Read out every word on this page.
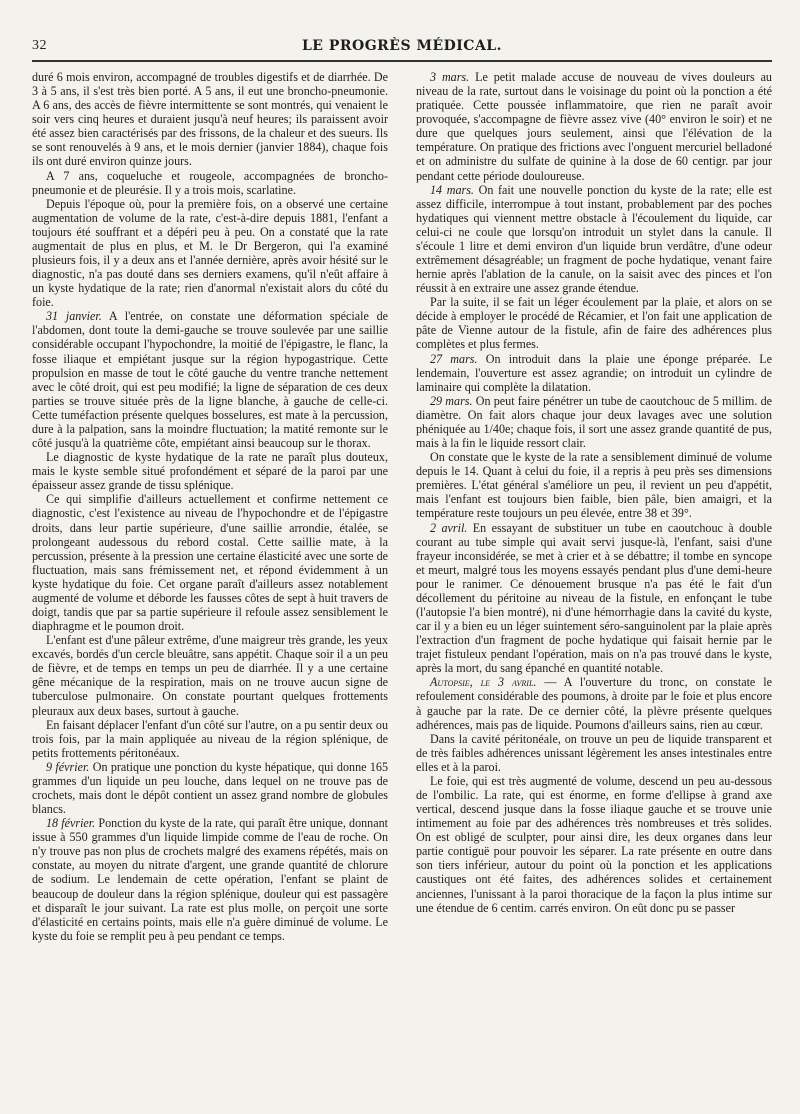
32	LE PROGRÈS MÉDICAL.

duré 6 mois environ, accompagné de troubles digestifs et de diarrhée. De 3 à 5 ans, il s'est très bien porté. A 5 ans, il eut une broncho-pneumonie. A 6 ans, des accès de fièvre intermittente se sont montrés, qui venaient le soir vers cinq heures et duraient jusqu'à neuf heures; ils paraissent avoir été assez bien caractérisés par des frissons, de la chaleur et des sueurs. Ils se sont renouvelés à 9 ans, et le mois dernier (janvier 1884), chaque fois ils ont duré environ quinze jours.

A 7 ans, coqueluche et rougeole, accompagnées de broncho-pneumonie et de pleurésie. Il y a trois mois, scarlatine.

Depuis l'époque où, pour la première fois, on a observé une certaine augmentation de volume de la rate, c'est-à-dire depuis 1881, l'enfant a toujours été souffrant et a dépéri peu à peu. On a constaté que la rate augmentait de plus en plus, et M. le Dr Bergeron, qui l'a examiné plusieurs fois, il y a deux ans et l'année dernière, après avoir hésité sur le diagnostic, n'a pas douté dans ses derniers examens, qu'il n'eût affaire à un kyste hydatique de la rate; rien d'anormal n'existait alors du côté du foie.

31 janvier. A l'entrée, on constate une déformation spéciale de l'abdomen, dont toute la demi-gauche se trouve soulevée par une saillie considérable occupant l'hypochondre, la moitié de l'épigastre, le flanc, la fosse iliaque et empiétant jusque sur la région hypogastrique. Cette propulsion en masse de tout le côté gauche du ventre tranche nettement avec le côté droit, qui est peu modifié; la ligne de séparation de ces deux parties se trouve située près de la ligne blanche, à gauche de celle-ci. Cette tuméfaction présente quelques bosselures, est mate à la percussion, dure à la palpation, sans la moindre fluctuation; la matité remonte sur le côté jusqu'à la quatrième côte, empiétant ainsi beaucoup sur le thorax.

Le diagnostic de kyste hydatique de la rate ne paraît plus douteux, mais le kyste semble situé profondément et séparé de la paroi par une épaisseur assez grande de tissu splénique.

Ce qui simplifie d'ailleurs actuellement et confirme nettement ce diagnostic, c'est l'existence au niveau de l'hypochondre et de l'épigastre droits, dans leur partie supérieure, d'une saillie arrondie, étalée, se prolongeant audessous du rebord costal. Cette saillie mate, à la percussion, présente à la pression une certaine élasticité avec une sorte de fluctuation, mais sans frémissement net, et répond évidemment à un kyste hydatique du foie. Cet organe paraît d'ailleurs assez notablement augmenté de volume et déborde les fausses côtes de sept à huit travers de doigt, tandis que par sa partie supérieure il refoule assez sensiblement le diaphragme et le poumon droit.

L'enfant est d'une pâleur extrême, d'une maigreur très grande, les yeux excavés, bordés d'un cercle bleuâtre, sans appétit. Chaque soir il a un peu de fièvre, et de temps en temps un peu de diarrhée. Il y a une certaine gêne mécanique de la respiration, mais on ne trouve aucun signe de tuberculose pulmonaire. On constate pourtant quelques frottements pleuraux aux deux bases, surtout à gauche.

En faisant déplacer l'enfant d'un côté sur l'autre, on a pu sentir deux ou trois fois, par la main appliquée au niveau de la région splénique, de petits frottements péritonéaux.

9 février. On pratique une ponction du kyste hépatique, qui donne 165 grammes d'un liquide un peu louche, dans lequel on ne trouve pas de crochets, mais dont le dépôt contient un assez grand nombre de globules blancs.

18 février. Ponction du kyste de la rate, qui paraît être unique, donnant issue à 550 grammes d'un liquide limpide comme de l'eau de roche. On n'y trouve pas non plus de crochets malgré des examens répétés, mais on constate, au moyen du nitrate d'argent, une grande quantité de chlorure de sodium. Le lendemain de cette opération, l'enfant se plaint de beaucoup de douleur dans la région splénique, douleur qui est passagère et disparaît le jour suivant. La rate est plus molle, on perçoit une sorte d'élasticité en certains points, mais elle n'a guère diminué de volume. Le kyste du foie se remplit peu à peu pendant ce temps.

3 mars. Le petit malade accuse de nouveau de vives douleurs au niveau de la rate, surtout dans le voisinage du point où la ponction a été pratiquée. Cette poussée inflammatoire, que rien ne paraît avoir provoquée, s'accompagne de fièvre assez vive (40° environ le soir) et ne dure que quelques jours seulement, ainsi que l'élévation de la température. On pratique des frictions avec l'onguent mercuriel belladoné et on administre du sulfate de quinine à la dose de 60 centigr. par jour pendant cette période douloureuse.

14 mars. On fait une nouvelle ponction du kyste de la rate; elle est assez difficile, interrompue à tout instant, probablement par des poches hydatiques qui viennent mettre obstacle à l'écoulement du liquide, car celui-ci ne coule que lorsqu'on introduit un stylet dans la canule. Il s'écoule 1 litre et demi environ d'un liquide brun verdâtre, d'une odeur extrêmement désagréable; un fragment de poche hydatique, venant faire hernie après l'ablation de la canule, on la saisit avec des pinces et l'on réussit à en extraire une assez grande étendue.

Par la suite, il se fait un léger écoulement par la plaie, et alors on se décide à employer le procédé de Récamier, et l'on fait une application de pâte de Vienne autour de la fistule, afin de faire des adhérences plus complètes et plus fermes.

27 mars. On introduit dans la plaie une éponge préparée. Le lendemain, l'ouverture est assez agrandie; on introduit un cylindre de laminaire qui complète la dilatation.

29 mars. On peut faire pénétrer un tube de caoutchouc de 5 millim. de diamètre. On fait alors chaque jour deux lavages avec une solution phéniquée au 1/40e; chaque fois, il sort une assez grande quantité de pus, mais à la fin le liquide ressort clair.

On constate que le kyste de la rate a sensiblement diminué de volume depuis le 14. Quant à celui du foie, il a repris à peu près ses dimensions premières. L'état général s'améliore un peu, il revient un peu d'appétit, mais l'enfant est toujours bien faible, bien pâle, bien amaigri, et la température reste toujours un peu élevée, entre 38 et 39°.

2 avril. En essayant de substituer un tube en caoutchouc à double courant au tube simple qui avait servi jusque-là, l'enfant, saisi d'une frayeur inconsidérée, se met à crier et à se débattre; il tombe en syncope et meurt, malgré tous les moyens essayés pendant plus d'une demi-heure pour le ranimer. Ce dénouement brusque n'a pas été le fait d'un décollement du péritoine au niveau de la fistule, en enfonçant le tube (l'autopsie l'a bien montré), ni d'une hémorrhagie dans la cavité du kyste, car il y a bien eu un léger suintement séro-sanguinolent par la plaie après l'extraction d'un fragment de poche hydatique qui faisait hernie par le trajet fistuleux pendant l'opération, mais on n'a pas trouvé dans le kyste, après la mort, du sang épanché en quantité notable.

Autopsie, le 3 avril. — A l'ouverture du tronc, on constate le refoulement considérable des poumons, à droite par le foie et plus encore à gauche par la rate. De ce dernier côté, la plèvre présente quelques adhérences, mais pas de liquide. Poumons d'ailleurs sains, rien au cœur.

Dans la cavité péritonéale, on trouve un peu de liquide transparent et de très faibles adhérences unissant légèrement les anses intestinales entre elles et à la paroi.

Le foie, qui est très augmenté de volume, descend un peu au-dessous de l'ombilic. La rate, qui est énorme, en forme d'ellipse à grand axe vertical, descend jusque dans la fosse iliaque gauche et se trouve unie intimement au foie par des adhérences très nombreuses et très solides. On est obligé de sculpter, pour ainsi dire, les deux organes dans leur partie contiguë pour pouvoir les séparer. La rate présente en outre dans son tiers inférieur, autour du point où la ponction et les applications caustiques ont été faites, des adhérences solides et certainement anciennes, l'unissant à la paroi thoracique de la façon la plus intime sur une étendue de 6 centim. carrés environ. On eût donc pu se passer
